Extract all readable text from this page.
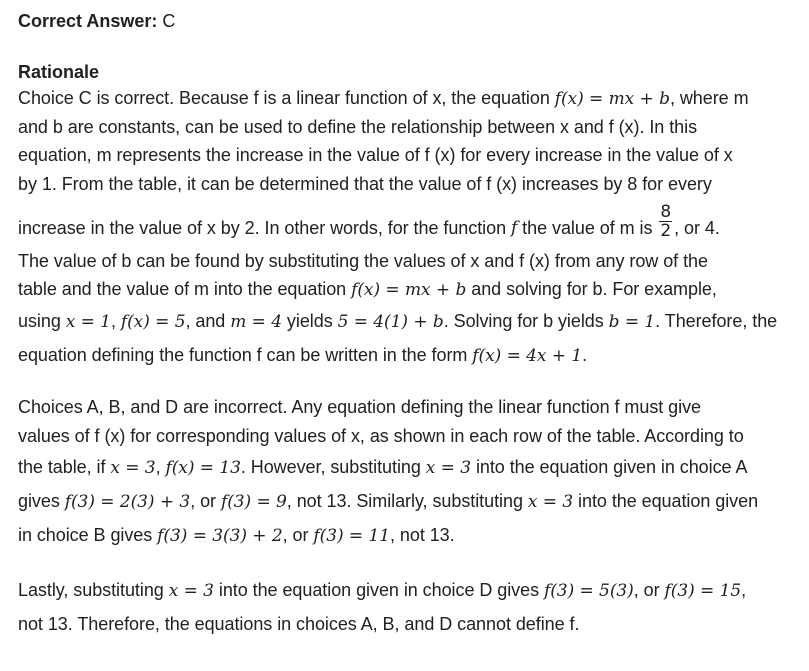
Correct Answer: C

Rationale

Choice C is correct. Because f is a linear function of x, the equation f(x) = mx + b, where m
and b are constants, can be used to define the relationship between x and f (x). In this
equation, m represents the increase in the value of f (x) for every increase in the value of x
by 1. From the table, it can be determined that the value of f (x) increases by 8 for every
increase in the value of x by 2. In other words, for the function f the value of m is $\frac{8}{2}$ , or 4.
The value of b can be found by substituting the values of x and f (x) from any row of the
table and the value of m into the equation f(x) = mx + b and solving for b. For example,
using x = 1, f(x) = 5, and m = 4 yields 5 = 4(1) + b. Solving for b yields b = 1. Therefore, the
equation defining the function f can be written in the form f(x) = 4x + 1.
Choices A, B, and D are incorrect. Any equation defining the linear function f must give
values of f (x) for corresponding values of x, as shown in each row of the table. According to
the table, if x = 3, f(x) = 13. However, substituting x = 3 into the equation given in choice A
gives f(3) = 2(3) + 3, or f(3) = 9, not 13. Similarly, substituting x = 3 into the equation given
in choice B gives f(3) = 3(3) + 2, or f(3) = 11, not 13.
Lastly, substituting x = 3 into the equation given in choice D gives f(3) = 5(3), or f(3) = 15,
not 13. Therefore, the equations in choices A, B, and D cannot define f.
